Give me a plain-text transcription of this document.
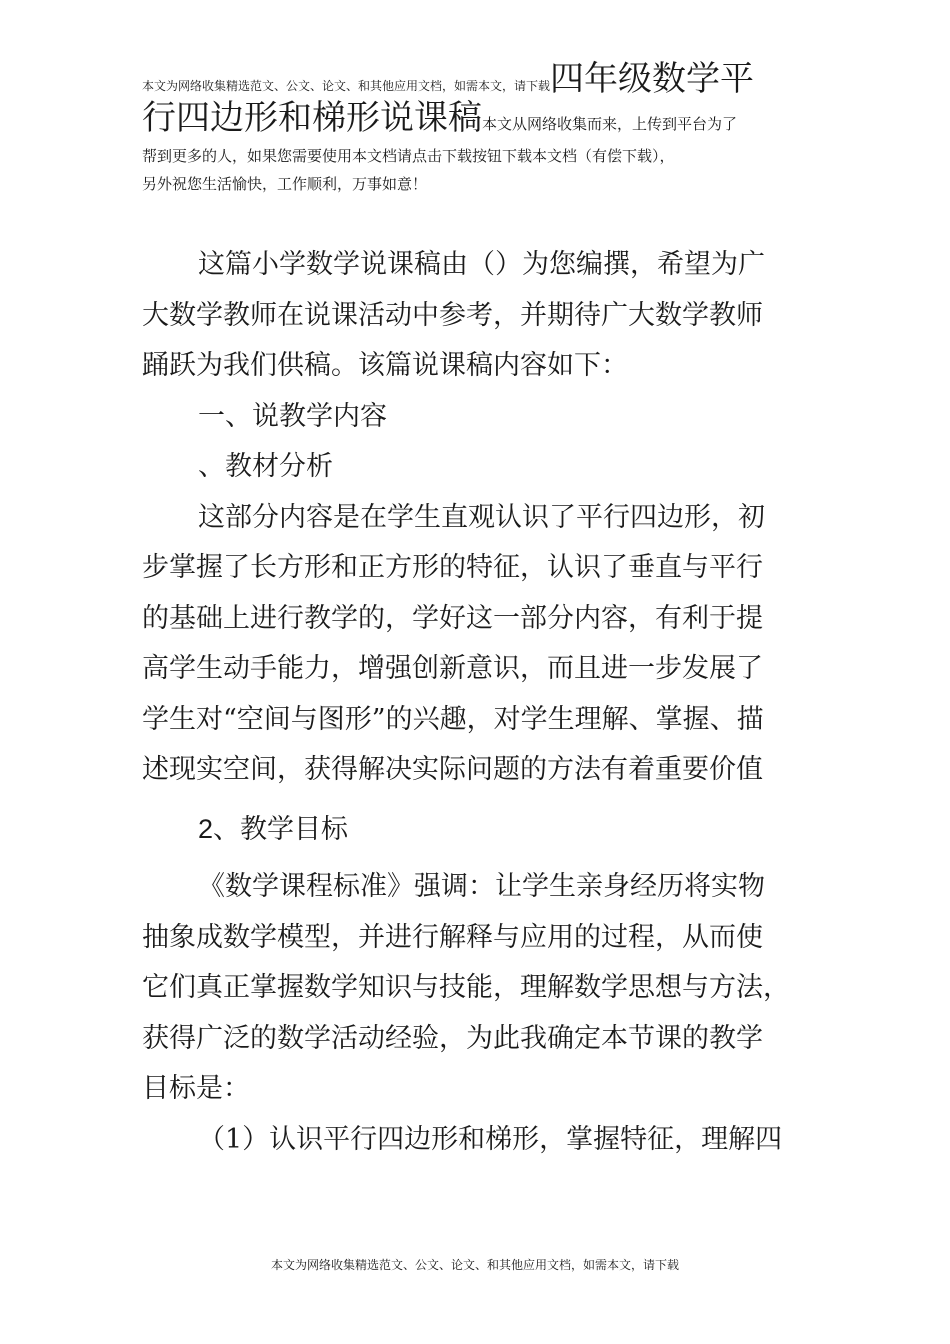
本文为网络收集精选范文、公文、论文、和其他应用文档，如需本文，请下载四年级数学平
行四边形和梯形说课稿本文从网络收集而来，上传到平台为了
帮到更多的人，如果您需要使用本文档请点击下载按钮下载本文档（有偿下载），
另外祝您生活愉快，工作顺利，万事如意！
这篇小学数学说课稿由（）为您编撰，希望为广
大数学教师在说课活动中参考，并期待广大数学教师
踊跃为我们供稿。该篇说课稿内容如下：
一、说教学内容
、教材分析
这部分内容是在学生直观认识了平行四边形，初
步掌握了长方形和正方形的特征，认识了垂直与平行
的基础上进行教学的，学好这一部分内容，有利于提
高学生动手能力，增强创新意识，而且进一步发展了
学生对“空间与图形”的兴趣，对学生理解、掌握、描
述现实空间，获得解决实际问题的方法有着重要价值
2、教学目标
《数学课程标准》强调：让学生亲身经历将实物
抽象成数学模型，并进行解释与应用的过程，从而使
它们真正掌握数学知识与技能，理解数学思想与方法，
获得广泛的数学活动经验，为此我确定本节课的教学
目标是：
（1）认识平行四边形和梯形，掌握特征，理解四
本文为网络收集精选范文、公文、论文、和其他应用文档，如需本文，请下载
